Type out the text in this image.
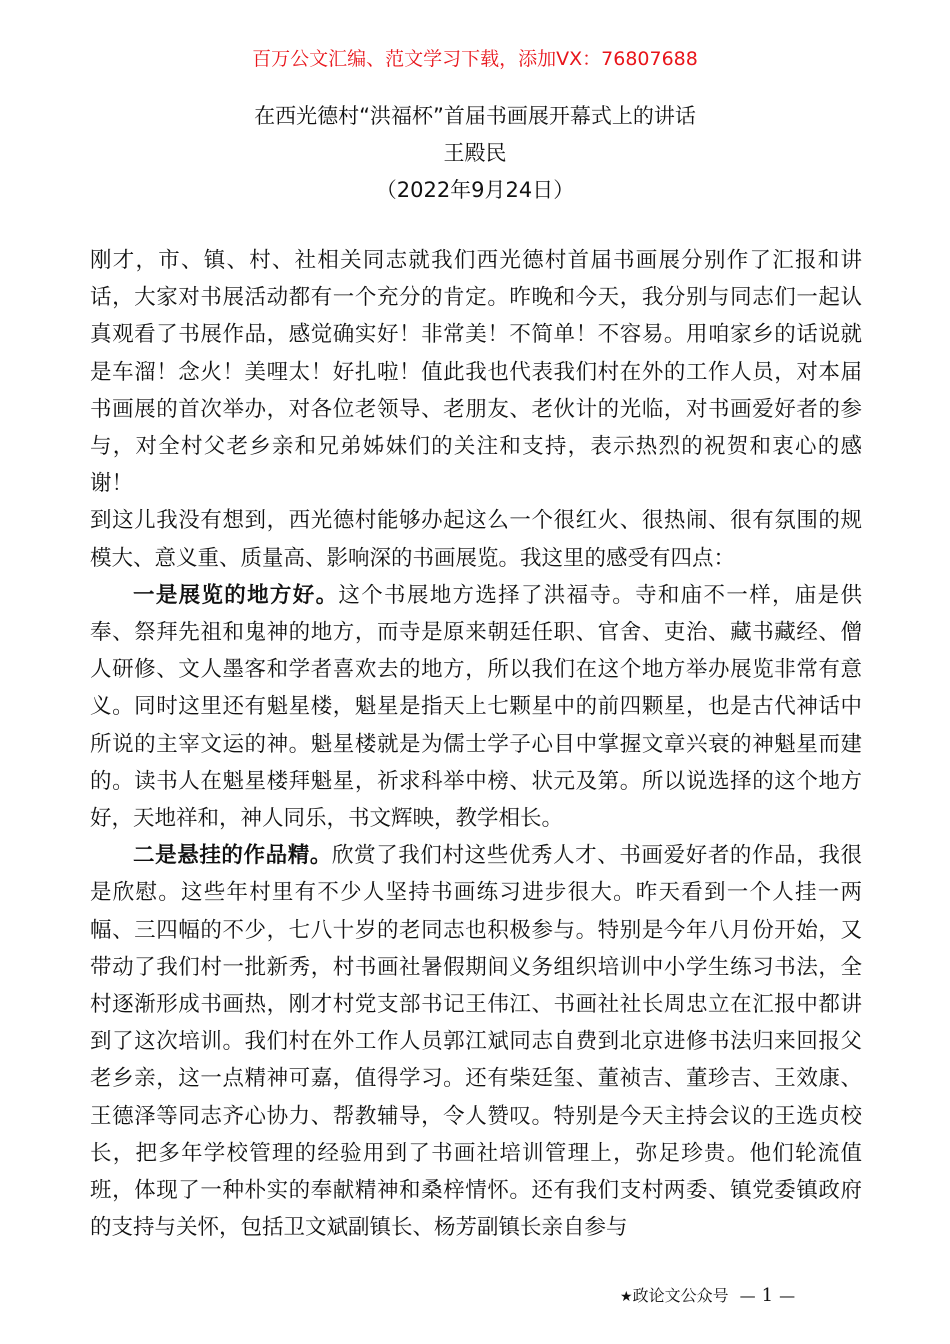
百万公文汇编、范文学习下载，添加VX：76807688
在西光德村“洪福杯”首届书画展开幕式上的讲话
王殿民
（2022年9月24日）

刚才，市、镇、村、社相关同志就我们西光德村首届书画展分别作了汇报和讲话，大家对书展活动都有一个充分的肯定。昨晚和今天，我分别与同志们一起认真观看了书展作品，感觉确实好！非常美！不简单！不容易。用咱家乡的话说就是车溜！念火！美哩太！好扎啦！值此我也代表我们村在外的工作人员，对本届书画展的首次举办，对各位老领导、老朋友、老伙计的光临，对书画爱好者的参与，对全村父老乡亲和兄弟姊妹们的关注和支持，表示热烈的祝贺和衷心的感谢！

到这儿我没有想到，西光德村能够办起这么一个很红火、很热闹、很有氛围的规模大、意义重、质量高、影响深的书画展览。我这里的感受有四点：

一是展览的地方好。这个书展地方选择了洪福寺。寺和庙不一样，庙是供奉、祭拜先祖和鬼神的地方，而寺是原来朝廷任职、官舍、吏治、藏书藏经、僧人研修、文人墨客和学者喜欢去的地方，所以我们在这个地方举办展览非常有意义。同时这里还有魁星楼，魁星是指天上七颗星中的前四颗星，也是古代神话中所说的主宰文运的神。魁星楼就是为儒士学子心目中掌握文章兴衰的神魁星而建的。读书人在魁星楼拜魁星，祈求科举中榜、状元及第。所以说选择的这个地方好，天地祥和，神人同乐，书文辉映，教学相长。

二是悬挂的作品精。欣赏了我们村这些优秀人才、书画爱好者的作品，我很是欣慰。这些年村里有不少人坚持书画练习进步很大。昨天看到一个人挂一两幅、三四幅的不少，七八十岁的老同志也积极参与。特别是今年八月份开始，又带动了我们村一批新秀，村书画社暑假期间义务组织培训中小学生练习书法，全村逐渐形成书画热，刚才村党支部书记王伟江、书画社社长周忠立在汇报中都讲到了这次培训。我们村在外工作人员郭江斌同志自费到北京进修书法归来回报父老乡亲，这一点精神可嘉，值得学习。还有柴廷玺、董祯吉、董珍吉、王效康、王德泽等同志齐心协力、帮教辅导，令人赞叹。特别是今天主持会议的王选贞校长，把多年学校管理的经验用到了书画社培训管理上，弥足珍贵。他们轮流值班，体现了一种朴实的奉献精神和桑梓情怀。还有我们支村两委、镇党委镇政府的支持与关怀，包括卫文斌副镇长、杨芳副镇长亲自参与

★政论文公众号 — 1 —
